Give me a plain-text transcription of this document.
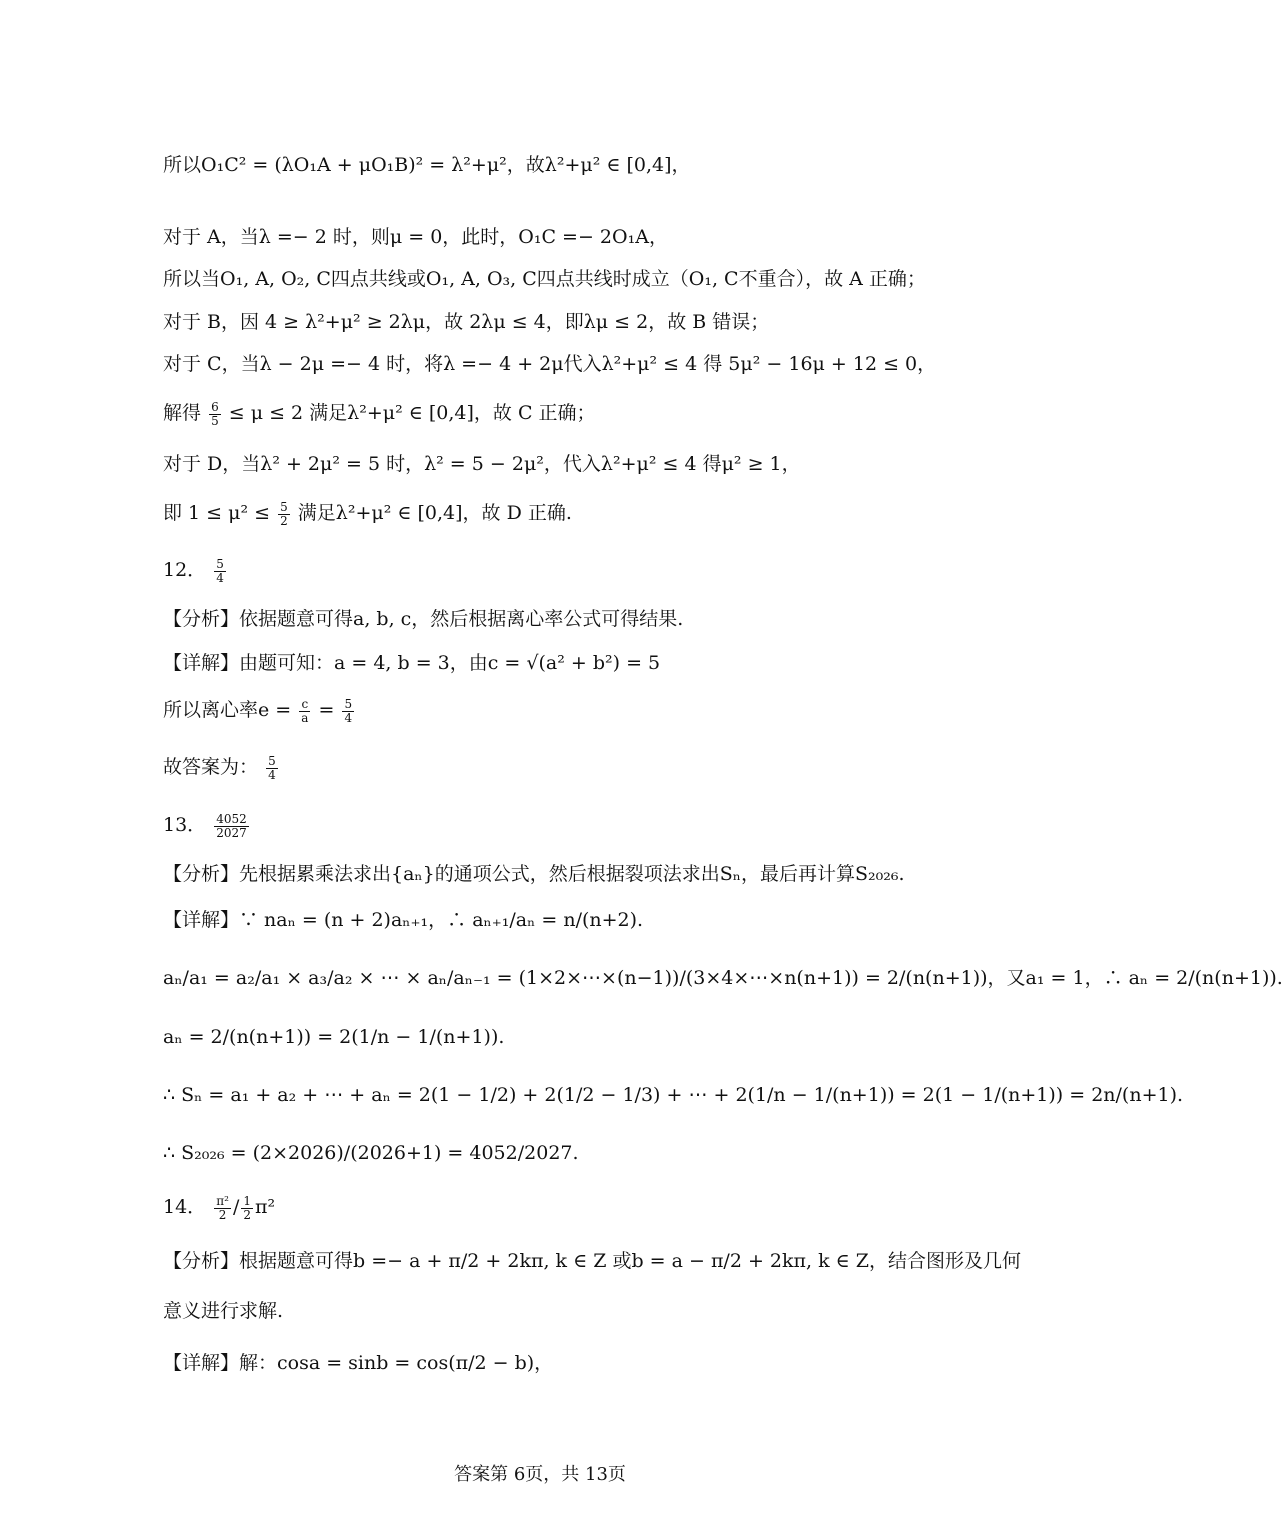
所以O₁C² = (λO₁A + μO₁B)² = λ²+μ²，故λ²+μ² ∈ [0,4]，
对于 A，当λ =− 2 时，则μ = 0，此时，O₁C =− 2O₁A，
所以当O₁, A, O₂, C四点共线或O₁, A, O₃, C四点共线时成立（O₁, C不重合），故 A 正确；
对于 B，因 4 ≥ λ²+μ² ≥ 2λμ，故 2λμ ≤ 4，即λμ ≤ 2，故 B 错误；
对于 C，当λ − 2μ =− 4 时，将λ =− 4 + 2μ代入λ²+μ² ≤ 4 得 5μ² − 16μ + 12 ≤ 0，
解得 $\frac{6}{5} \le \mu \le 2$ 满足λ²+μ² ∈ [0,4]，故 C 正确；
对于 D，当λ² + 2μ² = 5 时，λ² = 5 − 2μ²，代入λ²+μ² ≤ 4 得μ² ≥ 1，
即 $1 \le \mu^2 \le \frac{5}{2}$ 满足λ²+μ² ∈ [0,4]，故 D 正确.
12． $\frac{5}{4}$
【分析】依据题意可得a, b, c，然后根据离心率公式可得结果.
【详解】由题可知：a = 4, b = 3，由c = √(a² + b²) = 5
所以离心率$e = \frac{c}{a} = \frac{5}{4}$
故答案为： $\frac{5}{4}$
13． $\frac{4052}{2027}$
【分析】先根据累乘法求出{aₙ}的通项公式，然后根据裂项法求出Sₙ，最后再计算S₂₀₂₆.
【详解】∵ naₙ = (n + 2)aₙ₊₁，∴ aₙ₊₁/aₙ = n/(n+2).
aₙ/a₁ = a₂/a₁ × a₃/a₂ × ⋯ × aₙ/aₙ₋₁ = (1×2×⋯×(n−1))/(3×4×⋯×n(n+1)) = 2/(n(n+1))，又a₁ = 1，∴ aₙ = 2/(n(n+1)).
aₙ = 2/(n(n+1)) = 2(1/n − 1/(n+1)).
∴ Sₙ = a₁ + a₂ + ⋯ + aₙ = 2(1 − 1/2) + 2(1/2 − 1/3) + ⋯ + 2(1/n − 1/(n+1)) = 2(1 − 1/(n+1)) = 2n/(n+1).
∴ S₂₀₂₆ = (2×2026)/(2026+1) = 4052/2027.
14． $\frac{\text{π²}}{2} / \frac{1}{2} \pi^2$
【分析】根据题意可得b =− a + π/2 + 2kπ, k ∈ Z 或b = a − π/2 + 2kπ, k ∈ Z，结合图形及几何
意义进行求解.
【详解】解：cosa = sinb = cos(π/2 − b)，
答案第 6页，共 13页
